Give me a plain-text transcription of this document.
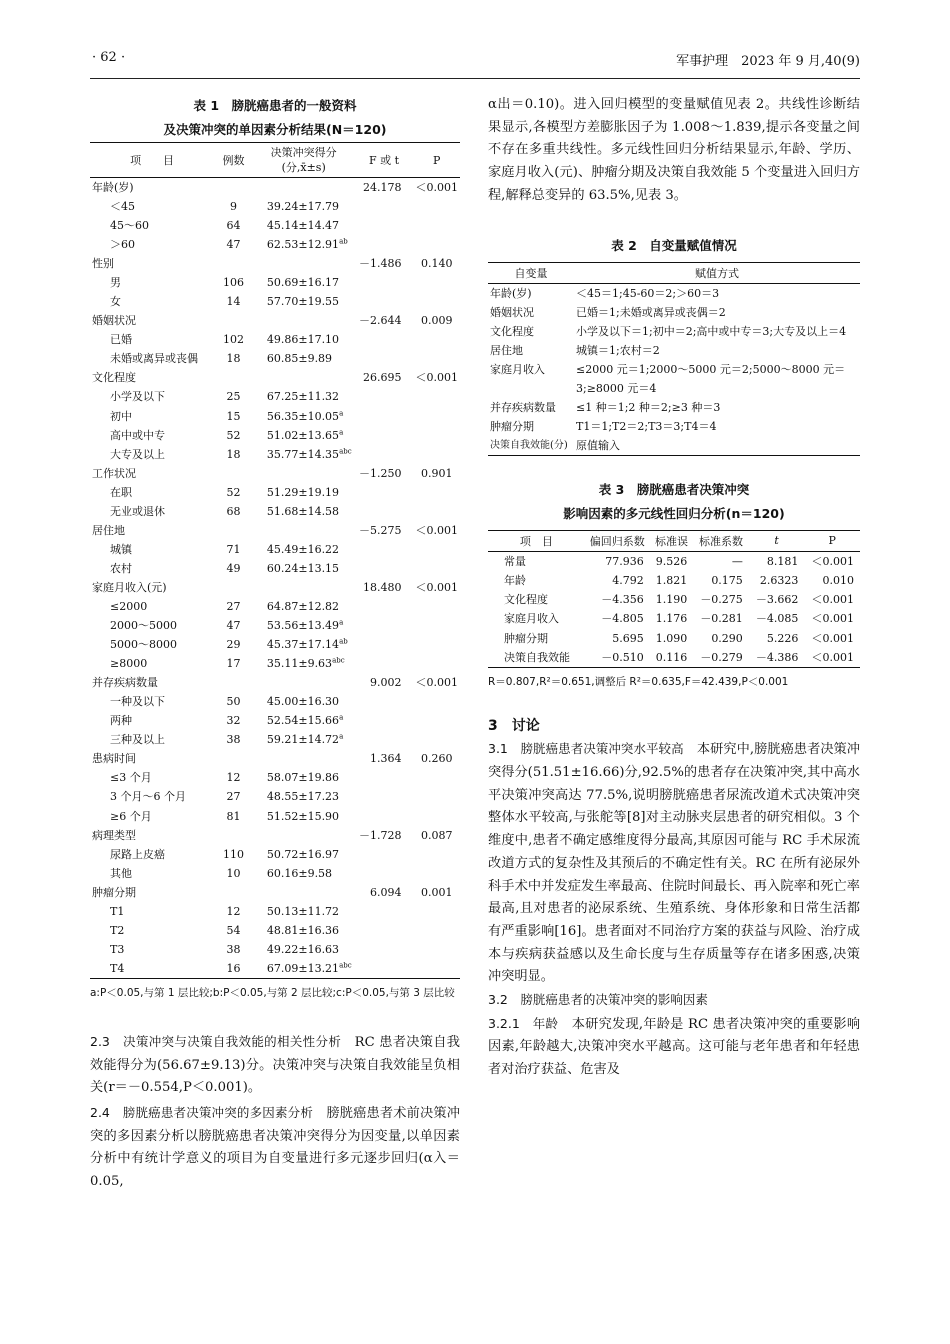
· 62 ·	军事护理　2023 年 9 月,40(9)
表 1　膀胱癌患者的一般资料
及决策冲突的单因素分析结果(N＝120)
项　　目	例数	决策冲突得分
(分,x̄±s)	F 或 t	P
年龄(岁)			24.178	＜0.001
＜45	9	39.24±17.79		
45～60	64	45.14±14.47		
＞60	47	62.53±12.91$^{ab}$		
性别			－1.486	0.140
男	106	50.69±16.17		
女	14	57.70±19.55		
婚姻状况			－2.644	0.009
已婚	102	49.86±17.10		
未婚或离异或丧偶	18	60.85±9.89		
文化程度			26.695	＜0.001
小学及以下	25	67.25±11.32		
初中	15	56.35±10.05$^a$		
高中或中专	52	51.02±13.65$^a$		
大专及以上	18	35.77±14.35$^{abc}$		
工作状况			－1.250	0.901
在职	52	51.29±19.19		
无业或退休	68	51.68±14.58		
居住地			－5.275	＜0.001
城镇	71	45.49±16.22		
农村	49	60.24±13.15		
家庭月收入(元)			18.480	＜0.001
≤2000	27	64.87±12.82		
2000～5000	47	53.56±13.49$^a$		
5000～8000	29	45.37±17.14$^{ab}$		
≥8000	17	35.11±9.63$^{abc}$		
并存疾病数量			9.002	＜0.001
一种及以下	50	45.00±16.30		
两种	32	52.54±15.66$^a$		
三种及以上	38	59.21±14.72$^a$		
患病时间			1.364	0.260
≤3 个月	12	58.07±19.86		
3 个月～6 个月	27	48.55±17.23		
≥6 个月	81	51.52±15.90		
病理类型			－1.728	0.087
尿路上皮癌	110	50.72±16.97		
其他	10	60.16±9.58		
肿瘤分期			6.094	0.001
T1	12	50.13±11.72		
T2	54	48.81±16.36		
T3	38	49.22±16.63		
T4	16	67.09±13.21$^{abc}$		
a:P＜0.05,与第 1 层比较;b:P＜0.05,与第 2 层比较;c:P＜0.05,与第 3 层比较

2.3　决策冲突与决策自我效能的相关性分析　RC 患者决策自我效能得分为(56.67±9.13)分。决策冲突与决策自我效能呈负相关(r＝－0.554,P＜0.001)。

2.4　膀胱癌患者决策冲突的多因素分析　膀胱癌患者术前决策冲突的多因素分析以膀胱癌患者决策冲突得分为因变量,以单因素分析中有统计学意义的项目为自变量进行多元逐步回归(α入＝0.05,

α出＝0.10)。进入回归模型的变量赋值见表 2。共线性诊断结果显示,各模型方差膨胀因子为 1.008～1.839,提示各变量之间不存在多重共线性。多元线性回归分析结果显示,年龄、学历、家庭月收入(元)、肿瘤分期及决策自我效能 5 个变量进入回归方程,解释总变异的 63.5%,见表 3。

表 2　自变量赋值情况
自变量	赋值方式
年龄(岁)	＜45＝1;45-60＝2;＞60＝3
婚姻状况	已婚＝1;未婚或离异或丧偶＝2
文化程度	小学及以下＝1;初中＝2;高中或中专＝3;大专及以上＝4
居住地	城镇＝1;农村＝2
家庭月收入	≤2000 元＝1;2000～5000 元＝2;5000～8000 元＝3;≥8000 元＝4
并存疾病数量	≤1 种＝1;2 种＝2;≥3 种＝3
肿瘤分期	T1＝1;T2＝2;T3＝3;T4＝4
决策自我效能(分)	原值输入
表 3　膀胱癌患者决策冲突
影响因素的多元线性回归分析(n＝120)
项　目	偏回归系数	标准误	标准系数	t	P
常量	77.936	9.526	—	8.181	＜0.001
年龄	4.792	1.821	0.175	2.6323	0.010
文化程度	－4.356	1.190	－0.275	－3.662	＜0.001
家庭月收入	－4.805	1.176	－0.281	－4.085	＜0.001
肿瘤分期	5.695	1.090	0.290	5.226	＜0.001
决策自我效能	－0.510	0.116	－0.279	－4.386	＜0.001
R＝0.807,R²＝0.651,调整后 R²＝0.635,F＝42.439,P＜0.001

3　讨论

3.1　膀胱癌患者决策冲突水平较高　本研究中,膀胱癌患者决策冲突得分(51.51±16.66)分,92.5%的患者存在决策冲突,其中高水平决策冲突高达 77.5%,说明膀胱癌患者尿流改道术式决策冲突整体水平较高,与张舵等[8]对主动脉夹层患者的研究相似。3 个维度中,患者不确定感维度得分最高,其原因可能与 RC 手术尿流改道方式的复杂性及其预后的不确定性有关。RC 在所有泌尿外科手术中并发症发生率最高、住院时间最长、再入院率和死亡率最高,且对患者的泌尿系统、生殖系统、身体形象和日常生活都有严重影响[16]。患者面对不同治疗方案的获益与风险、治疗成本与疾病获益感以及生命长度与生存质量等存在诸多困惑,决策冲突明显。

3.2　膀胱癌患者的决策冲突的影响因素

3.2.1　年龄　本研究发现,年龄是 RC 患者决策冲突的重要影响因素,年龄越大,决策冲突水平越高。这可能与老年患者和年轻患者对治疗获益、危害及
